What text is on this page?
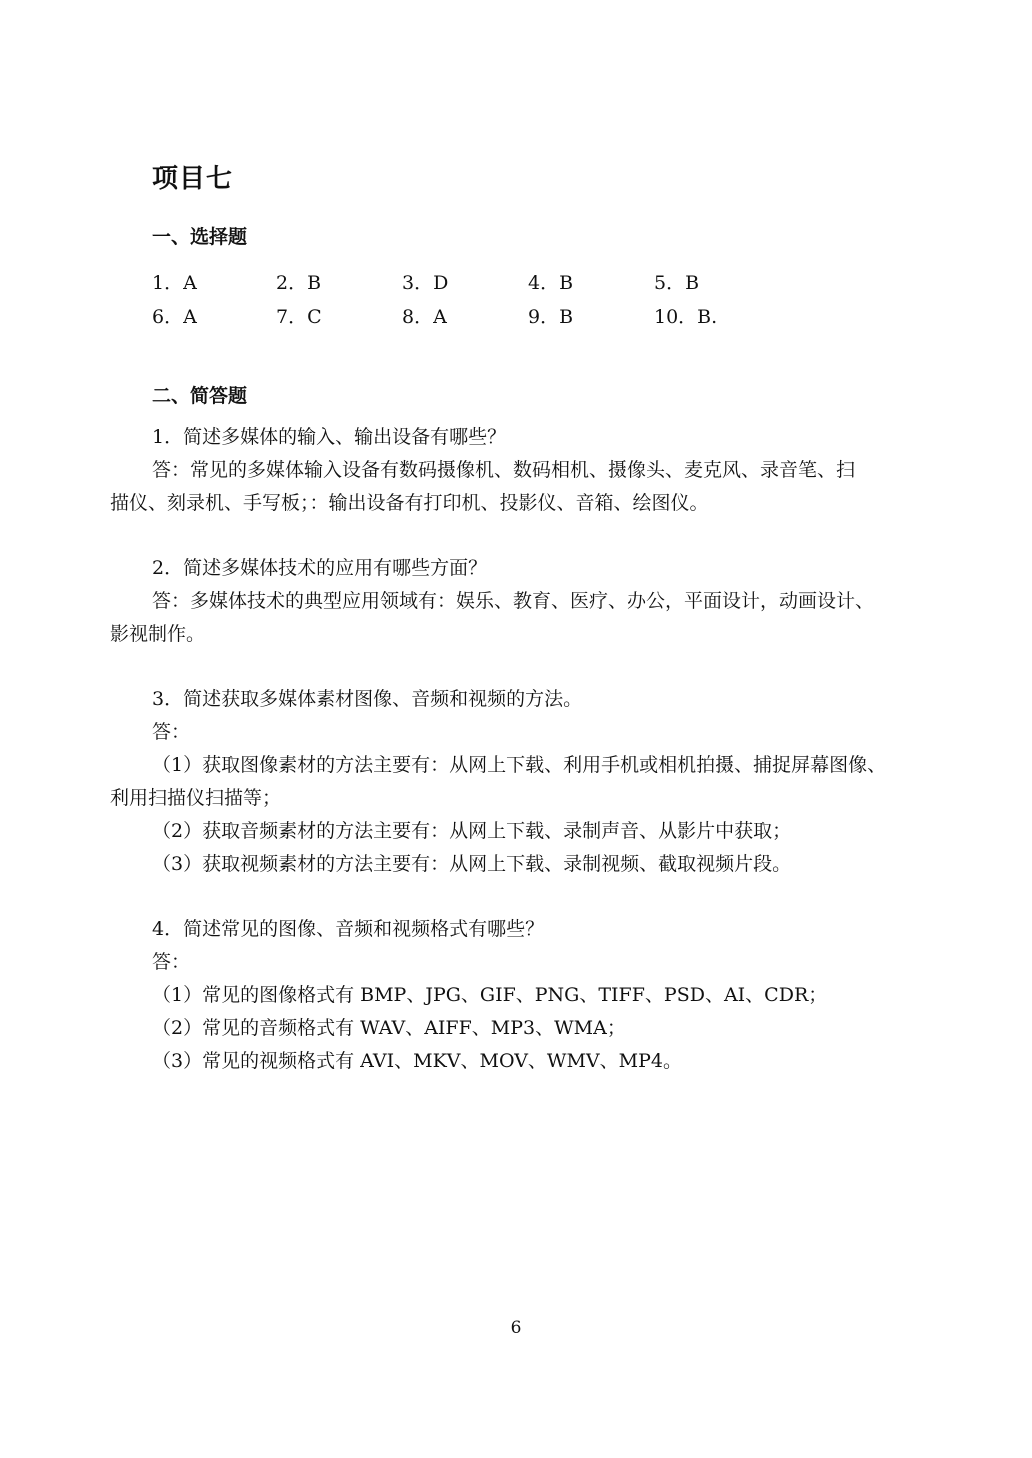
项目七
一、选择题
1．A	2．B	3．D	4．B	5．B
6．A	7．C	8．A	9．B	10．B.
二、简答题
1．简述多媒体的输入、输出设备有哪些？
答：常见的多媒体输入设备有数码摄像机、数码相机、摄像头、麦克风、录音笔、扫
描仪、刻录机、手写板；：输出设备有打印机、投影仪、音箱、绘图仪。
2．简述多媒体技术的应用有哪些方面？
答：多媒体技术的典型应用领域有：娱乐、教育、医疗、办公，平面设计，动画设计、
影视制作。
3．简述获取多媒体素材图像、音频和视频的方法。
答：
（1）获取图像素材的方法主要有：从网上下载、利用手机或相机拍摄、捕捉屏幕图像、
利用扫描仪扫描等；
（2）获取音频素材的方法主要有：从网上下载、录制声音、从影片中获取；
（3）获取视频素材的方法主要有：从网上下载、录制视频、截取视频片段。
4．简述常见的图像、音频和视频格式有哪些？
答：
（1）常见的图像格式有 BMP、JPG、GIF、PNG、TIFF、PSD、AI、CDR；
（2）常见的音频格式有 WAV、AIFF、MP3、WMA；
（3）常见的视频格式有 AVI、MKV、MOV、WMV、MP4。
6
